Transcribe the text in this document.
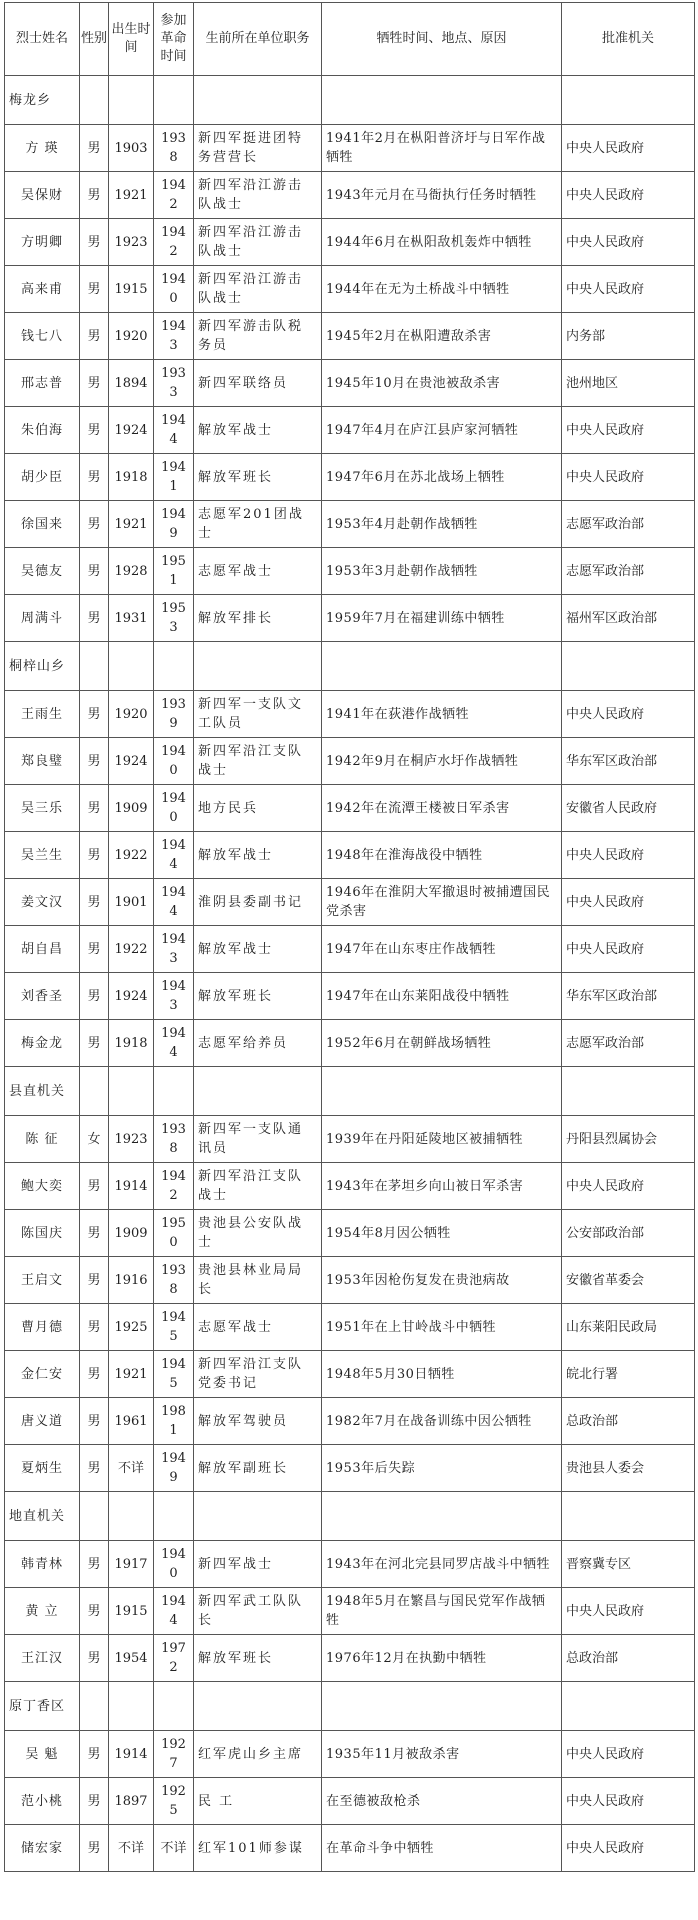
烈士姓名	性别	出生时间	参加革命时间	生前所在单位职务	牺牲时间、地点、原因	批准机关
梅龙乡						
方 瑛	男	1903	1938	新四军挺进团特务营营长	1941年2月在枞阳普济圩与日军作战牺牲	中央人民政府
吴保财	男	1921	1942	新四军沿江游击队战士	1943年元月在马衙执行任务时牺牲	中央人民政府
方明卿	男	1923	1942	新四军沿江游击队战士	1944年6月在枞阳敌机轰炸中牺牲	中央人民政府
高来甫	男	1915	1940	新四军沿江游击队战士	1944年在无为土桥战斗中牺牲	中央人民政府
钱七八	男	1920	1943	新四军游击队税务员	1945年2月在枞阳遭敌杀害	内务部
邢志普	男	1894	1933	新四军联络员	1945年10月在贵池被敌杀害	池州地区
朱伯海	男	1924	1944	解放军战士	1947年4月在庐江县庐家河牺牲	中央人民政府
胡少臣	男	1918	1941	解放军班长	1947年6月在苏北战场上牺牲	中央人民政府
徐国来	男	1921	1949	志愿军201团战士	1953年4月赴朝作战牺牲	志愿军政治部
吴德友	男	1928	1951	志愿军战士	1953年3月赴朝作战牺牲	志愿军政治部
周满斗	男	1931	1953	解放军排长	1959年7月在福建训练中牺牲	福州军区政治部
桐梓山乡						
王雨生	男	1920	1939	新四军一支队文工队员	1941年在荻港作战牺牲	中央人民政府
郑良璧	男	1924	1940	新四军沿江支队战士	1942年9月在桐庐水圩作战牺牲	华东军区政治部
吴三乐	男	1909	1940	地方民兵	1942年在流潭王楼被日军杀害	安徽省人民政府
吴兰生	男	1922	1944	解放军战士	1948年在淮海战役中牺牲	中央人民政府
姜文汉	男	1901	1944	淮阴县委副书记	1946年在淮阴大军撤退时被捕遭国民党杀害	中央人民政府
胡自昌	男	1922	1943	解放军战士	1947年在山东枣庄作战牺牲	中央人民政府
刘香圣	男	1924	1943	解放军班长	1947年在山东莱阳战役中牺牲	华东军区政治部
梅金龙	男	1918	1944	志愿军给养员	1952年6月在朝鲜战场牺牲	志愿军政治部
县直机关						
陈 征	女	1923	1938	新四军一支队通讯员	1939年在丹阳延陵地区被捕牺牲	丹阳县烈属协会
鲍大奕	男	1914	1942	新四军沿江支队战士	1943年在茅坦乡向山被日军杀害	中央人民政府
陈国庆	男	1909	1950	贵池县公安队战士	1954年8月因公牺牲	公安部政治部
王启文	男	1916	1938	贵池县林业局局长	1953年因枪伤复发在贵池病故	安徽省革委会
曹月德	男	1925	1945	志愿军战士	1951年在上甘岭战斗中牺牲	山东莱阳民政局
金仁安	男	1921	1945	新四军沿江支队党委书记	1948年5月30日牺牲	皖北行署
唐义道	男	1961	1981	解放军驾驶员	1982年7月在战备训练中因公牺牲	总政治部
夏炳生	男	不详	1949	解放军副班长	1953年后失踪	贵池县人委会
地直机关						
韩青林	男	1917	1940	新四军战士	1943年在河北完县同罗店战斗中牺牲	晋察冀专区
黄 立	男	1915	1944	新四军武工队队长	1948年5月在繁昌与国民党军作战牺牲	中央人民政府
王江汉	男	1954	1972	解放军班长	1976年12月在执勤中牺牲	总政治部
原丁香区						
吴 魁	男	1914	1927	红军虎山乡主席	1935年11月被敌杀害	中央人民政府
范小桃	男	1897	1925	民 工	在至德被敌枪杀	中央人民政府
储宏家	男	不详	不详	红军101师参谋	在革命斗争中牺牲	中央人民政府
